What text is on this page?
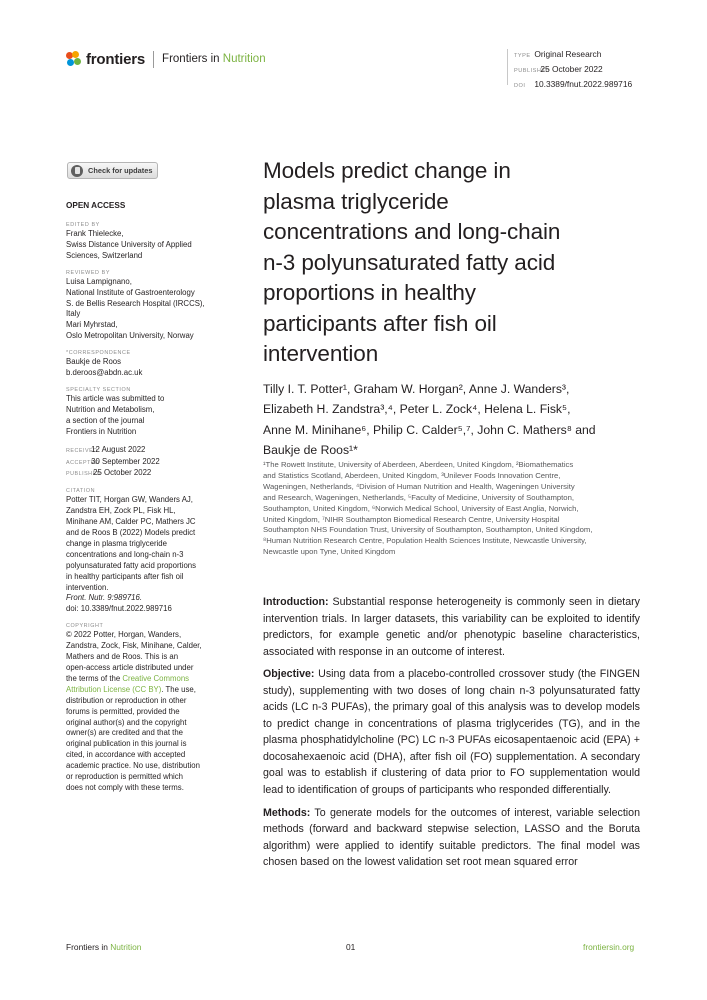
frontiers Frontiers in Nutrition	TYPE Original Research
PUBLISHED 25 October 2022
DOI 10.3389/fnut.2022.989716
Check for updates
OPEN ACCESS
EDITED BY
Frank Thielecke,
Swiss Distance University of Applied
Sciences, Switzerland
REVIEWED BY
Luisa Lampignano,
National Institute of Gastroenterology
S. de Bellis Research Hospital (IRCCS),
Italy
Mari Myhrstad,
Oslo Metropolitan University, Norway
*CORRESPONDENCE
Baukje de Roos
b.deroos@abdn.ac.uk
SPECIALTY SECTION
This article was submitted to
Nutrition and Metabolism,
a section of the journal
Frontiers in Nutrition
RECEIVED 12 August 2022
ACCEPTED 30 September 2022
PUBLISHED 25 October 2022
CITATION
Potter TIT, Horgan GW, Wanders AJ,
Zandstra EH, Zock PL, Fisk HL,
Minihane AM, Calder PC, Mathers JC
and de Roos B (2022) Models predict
change in plasma triglyceride
concentrations and long-chain n-3
polyunsaturated fatty acid proportions
in healthy participants after fish oil
intervention.
Front. Nutr. 9:989716.
doi: 10.3389/fnut.2022.989716
COPYRIGHT
© 2022 Potter, Horgan, Wanders,
Zandstra, Zock, Fisk, Minihane, Calder,
Mathers and de Roos. This is an
open-access article distributed under
the terms of the Creative Commons
Attribution License (CC BY). The use,
distribution or reproduction in other
forums is permitted, provided the
original author(s) and the copyright
owner(s) are credited and that the
original publication in this journal is
cited, in accordance with accepted
academic practice. No use, distribution
or reproduction is permitted which
does not comply with these terms.
Models predict change in
plasma triglyceride
concentrations and long-chain
n-3 polyunsaturated fatty acid
proportions in healthy
participants after fish oil
intervention
Tilly I. T. Potter¹, Graham W. Horgan², Anne J. Wanders³,
Elizabeth H. Zandstra³,⁴, Peter L. Zock⁴, Helena L. Fisk⁵,
Anne M. Minihane⁶, Philip C. Calder⁵,⁷, John C. Mathers⁸ and
Baukje de Roos¹*
¹The Rowett Institute, University of Aberdeen, Aberdeen, United Kingdom, ²Biomathematics
and Statistics Scotland, Aberdeen, United Kingdom, ³Unilever Foods Innovation Centre,
Wageningen, Netherlands, ⁴Division of Human Nutrition and Health, Wageningen University
and Research, Wageningen, Netherlands, ⁵Faculty of Medicine, University of Southampton,
Southampton, United Kingdom, ⁶Norwich Medical School, University of East Anglia, Norwich,
United Kingdom, ⁷NIHR Southampton Biomedical Research Centre, University Hospital
Southampton NHS Foundation Trust, University of Southampton, Southampton, United Kingdom,
⁸Human Nutrition Research Centre, Population Health Sciences Institute, Newcastle University,
Newcastle upon Tyne, United Kingdom

Introduction: Substantial response heterogeneity is commonly seen in dietary intervention trials. In larger datasets, this variability can be exploited to identify predictors, for example genetic and/or phenotypic baseline characteristics, associated with response in an outcome of interest.

Objective: Using data from a placebo-controlled crossover study (the FINGEN study), supplementing with two doses of long chain n-3 polyunsaturated fatty acids (LC n-3 PUFAs), the primary goal of this analysis was to develop models to predict change in concentrations of plasma triglycerides (TG), and in the plasma phosphatidylcholine (PC) LC n-3 PUFAs eicosapentaenoic acid (EPA) + docosahexaenoic acid (DHA), after fish oil (FO) supplementation. A secondary goal was to establish if clustering of data prior to FO supplementation would lead to identification of groups of participants who responded differentially.

Methods: To generate models for the outcomes of interest, variable selection methods (forward and backward stepwise selection, LASSO and the Boruta algorithm) were applied to identify suitable predictors. The final model was chosen based on the lowest validation set root mean squared error

Frontiers in Nutrition	01	frontiersin.org
